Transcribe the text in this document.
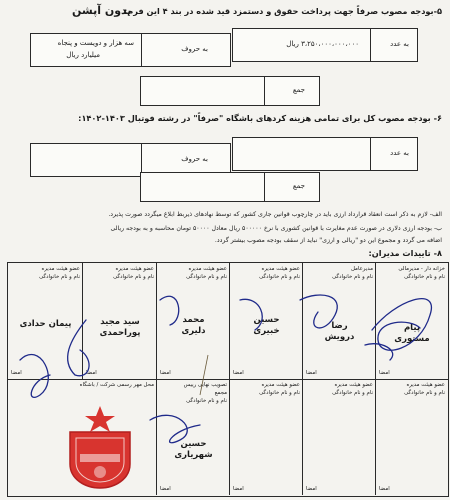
۵-بودجه مصوب صرفاً جهت پرداخت حقوق و دستمزد قید شده در بند ۴ این فرم:
بدون آپشن
به عدد
۳،۲۵۰،۰۰۰،۰۰۰،۰۰۰ ریال
به حروف
سه هزار و دویست و پنجاه
میلیارد ریال
جمع
۶- بودجه مصوب کل برای تمامی هزینه کردهای باشگاه "صرفاً" در رشته فوتبال ۱۴۰۳-۱۴۰۲:
به عدد
به حروف
جمع
الف- لازم به ذکر است انعقاد قرارداد ارزی باید در چارچوب قوانین جاری کشور که توسط نهادهای ذیربط ابلاغ میگردد صورت پذیرد.
ب- بودجه ارزی دلاری در صورت عدم مغایرت با قوانین کشوری با نرخ ۵۰۰۰۰۰ ریال معادل ۵۰۰۰۰ تومان محاسبه و به بودجه ریالی
اضافه می گردد و مجموع این دو "ریالی و ارزی" نباید از سقف بودجه مصوب بیشتر گردد.
۸- تاییدات مدیران:
خزانه دار - مدیرمالی
نام و نام خانوادگی
پیام
مستوری
امضا
مدیرعامل
نام و نام خانوادگی
رضا
درویش
امضا
عضو هیئت مدیره
نام و نام خانوادگی
حسین
خبیری
امضا
عضو هیئت مدیره
نام و نام خانوادگی
محمد
دلیری
امضا
عضو هیئت مدیره
نام و نام خانوادگی
سید مجید
پوراحمدی
امضا
عضو هیئت مدیره
نام و نام خانوادگی
پیمان حدادی
امضا
عضو هیئت مدیره
نام و نام خانوادگی
امضا
عضو هیئت مدیره
نام و نام خانوادگی
امضا
عضو هیئت مدیره
نام و نام خانوادگی
امضا
تصویب نهایی رییس
مجمع
نام و نام خانوادگی
حسین
شهریاری
امضا
محل مهر رسمی شرکت / باشگاه
